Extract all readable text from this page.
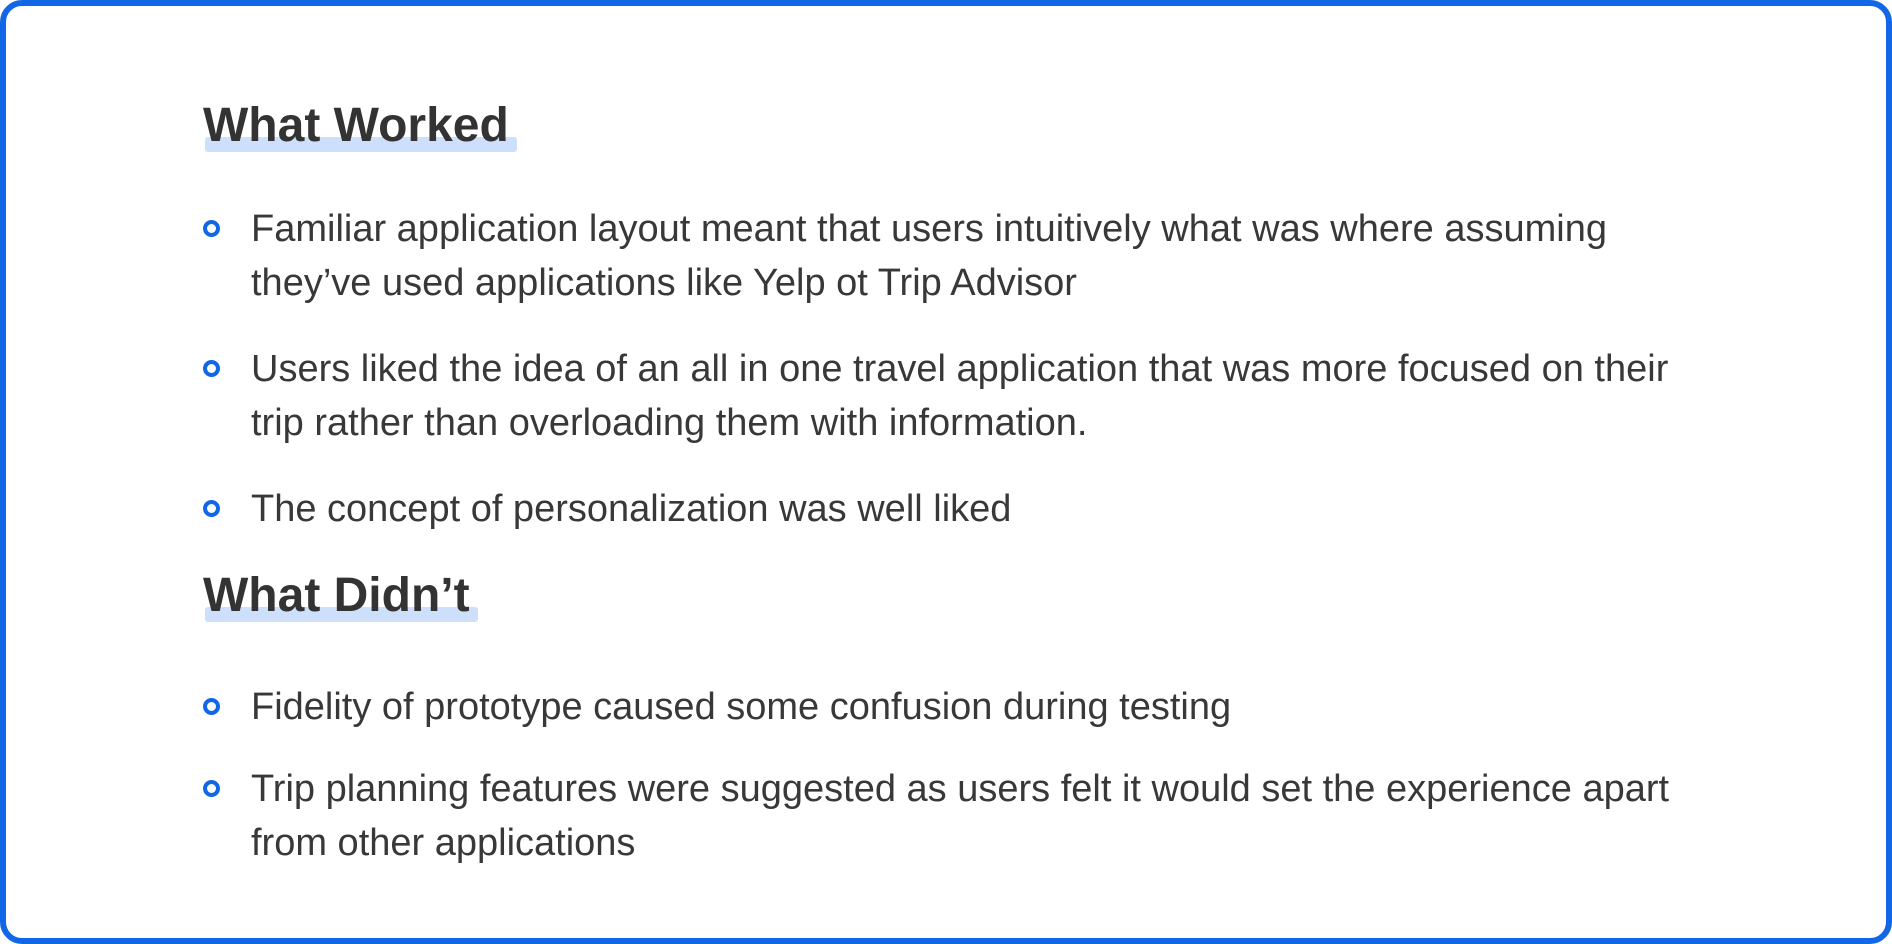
What Worked
Familiar application layout meant that users intuitively what was where assuming they’ve used applications like Yelp ot Trip Advisor
Users liked the idea of an all in one travel application that was more focused on their trip rather than overloading them with information.
The concept of personalization was well liked
What Didn’t
Fidelity of prototype caused some confusion during testing
Trip planning features were suggested as users felt it would set the experience apart from other applications
